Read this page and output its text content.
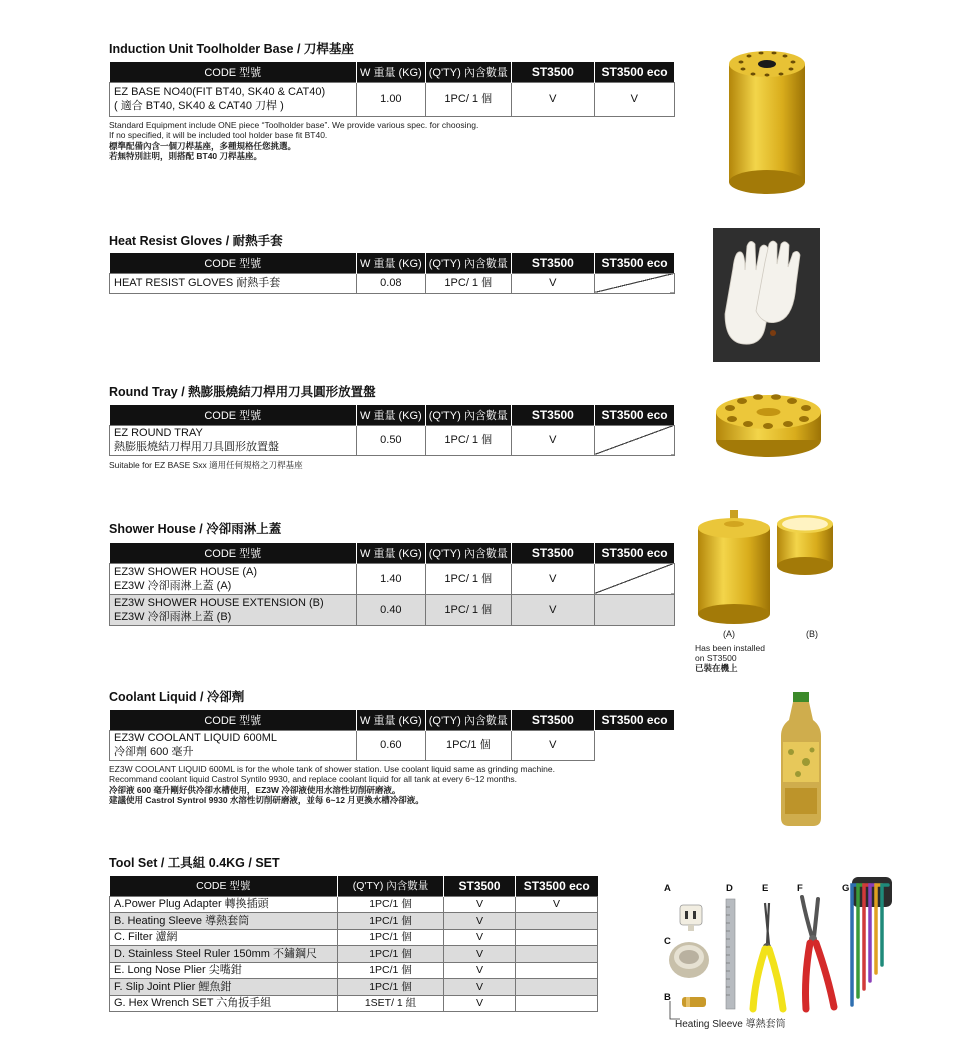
Induction Unit Toolholder Base / 刀桿基座
CODE 型號	W 重量 (KG)	(Q'TY) 內含數量	ST3500	ST3500 eco

EZ BASE NO40(FIT BT40, SK40 & CAT40)
( 適合 BT40, SK40 & CAT40 刀桿 )	1.00	1PC/ 1 個	V	V
Standard Equipment include ONE piece “Toolholder base”. We provide various spec. for choosing.
If no specified, it will be included tool holder base fit BT40.
標準配備內含一個刀桿基座，多種規格任您挑選。
若無特別註明，則搭配 BT40 刀桿基座。
Heat Resist Gloves / 耐熱手套
CODE 型號	W 重量 (KG)	(Q'TY) 內含數量	ST3500	ST3500 eco
HEAT RESIST GLOVES 耐熱手套	0.08	1PC/ 1 個	V	
Round Tray / 熱膨脹燒結刀桿用刀具圓形放置盤
CODE 型號	W 重量 (KG)	(Q'TY) 內含數量	ST3500	ST3500 eco

EZ ROUND TRAY
熱膨脹燒結刀桿用刀具圓形放置盤	0.50	1PC/ 1 個	V	
Suitable for EZ BASE Sxx 適用任何規格之刀桿基座
Shower House / 冷卻雨淋上蓋
CODE 型號	W 重量 (KG)	(Q'TY) 內含數量	ST3500	ST3500 eco

EZ3W SHOWER HOUSE (A)
EZ3W 冷卻雨淋上蓋 (A)	1.40	1PC/ 1 個	V	

EZ3W SHOWER HOUSE EXTENSION (B)
EZ3W 冷卻雨淋上蓋 (B)	0.40	1PC/ 1 個	V	
(A)	(B)
Has been installed
on ST3500
已裝在機上
Coolant Liquid / 冷卻劑
CODE 型號	W 重量 (KG)	(Q'TY) 內含數量	ST3500	ST3500 eco

EZ3W COOLANT LIQUID 600ML
冷卻劑 600 毫升	0.60	1PC/1 個	V	
EZ3W COOLANT LIQUID 600ML is for the whole tank of shower station. Use coolant liquid same as grinding machine.
Recommand coolant liquid Castrol Syntilo 9930, and replace coolant liquid for all tank at every 6~12 months.
冷卻液 600 毫升剛好供冷卻水槽使用，EZ3W 冷卻液使用水溶性切削研磨液。
建議使用 Castrol Syntrol 9930 水溶性切削研磨液，並每 6~12 月更換水槽冷卻液。
Tool Set / 工具組 0.4KG / SET
CODE 型號	(Q'TY) 內含數量	ST3500	ST3500 eco
A.Power Plug Adapter 轉換插頭	1PC/1 個	V	V
B. Heating Sleeve 導熱套筒	1PC/1 個	V	
C. Filter 濾網	1PC/1 個	V	
D. Stainless Steel Ruler 150mm 不鏽鋼尺	1PC/1 個	V	
E. Long Nose Plier 尖嘴鉗	1PC/1 個	V	
F. Slip Joint Plier 鯉魚鉗	1PC/1 個	V	
G. Hex Wrench SET 六角扳手組	1SET/ 1 組	V	
A
B
C
D	E	F	G
Heating Sleeve 導熱套筒
